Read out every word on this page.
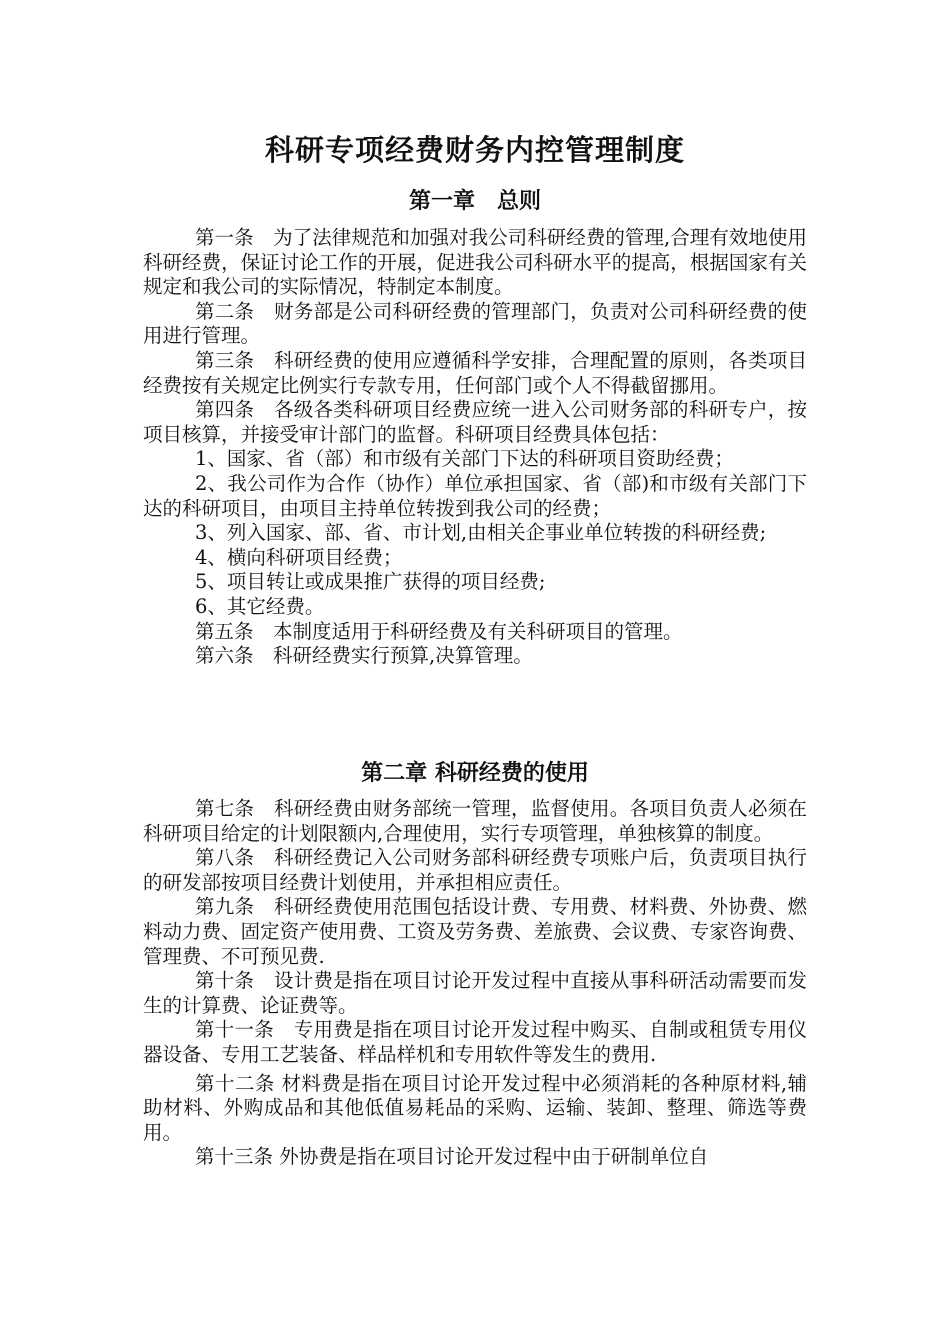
科研专项经费财务内控管理制度
第一章　总则

第一条　为了法律规范和加强对我公司科研经费的管理,合理有效地使用科研经费，保证讨论工作的开展，促进我公司科研水平的提高，根据国家有关规定和我公司的实际情况，特制定本制度。

第二条　财务部是公司科研经费的管理部门，负责对公司科研经费的使用进行管理。

第三条　科研经费的使用应遵循科学安排，合理配置的原则，各类项目经费按有关规定比例实行专款专用，任何部门或个人不得截留挪用。

第四条　各级各类科研项目经费应统一进入公司财务部的科研专户，按项目核算，并接受审计部门的监督。科研项目经费具体包括：

1、国家、省（部）和市级有关部门下达的科研项目资助经费；

2、我公司作为合作（协作）单位承担国家、省（部)和市级有关部门下达的科研项目，由项目主持单位转拨到我公司的经费；

3、列入国家、部、省、市计划,由相关企事业单位转拨的科研经费;

4、横向科研项目经费；

5、项目转让或成果推广获得的项目经费;

6、其它经费。

第五条　本制度适用于科研经费及有关科研项目的管理。

第六条　科研经费实行预算,决算管理。

第二章 科研经费的使用

第七条　科研经费由财务部统一管理，监督使用。各项目负责人必须在科研项目给定的计划限额内,合理使用，实行专项管理，单独核算的制度。

第八条　科研经费记入公司财务部科研经费专项账户后，负责项目执行的研发部按项目经费计划使用，并承担相应责任。

第九条　科研经费使用范围包括设计费、专用费、材料费、外协费、燃料动力费、固定资产使用费、工资及劳务费、差旅费、会议费、专家咨询费、管理费、不可预见费.

第十条　设计费是指在项目讨论开发过程中直接从事科研活动需要而发生的计算费、论证费等。

第十一条　专用费是指在项目讨论开发过程中购买、自制或租赁专用仪器设备、专用工艺装备、样品样机和专用软件等发生的费用.

第十二条 材料费是指在项目讨论开发过程中必须消耗的各种原材料,辅助材料、外购成品和其他低值易耗品的采购、运输、装卸、整理、筛选等费用。

第十三条 外协费是指在项目讨论开发过程中由于研制单位自
